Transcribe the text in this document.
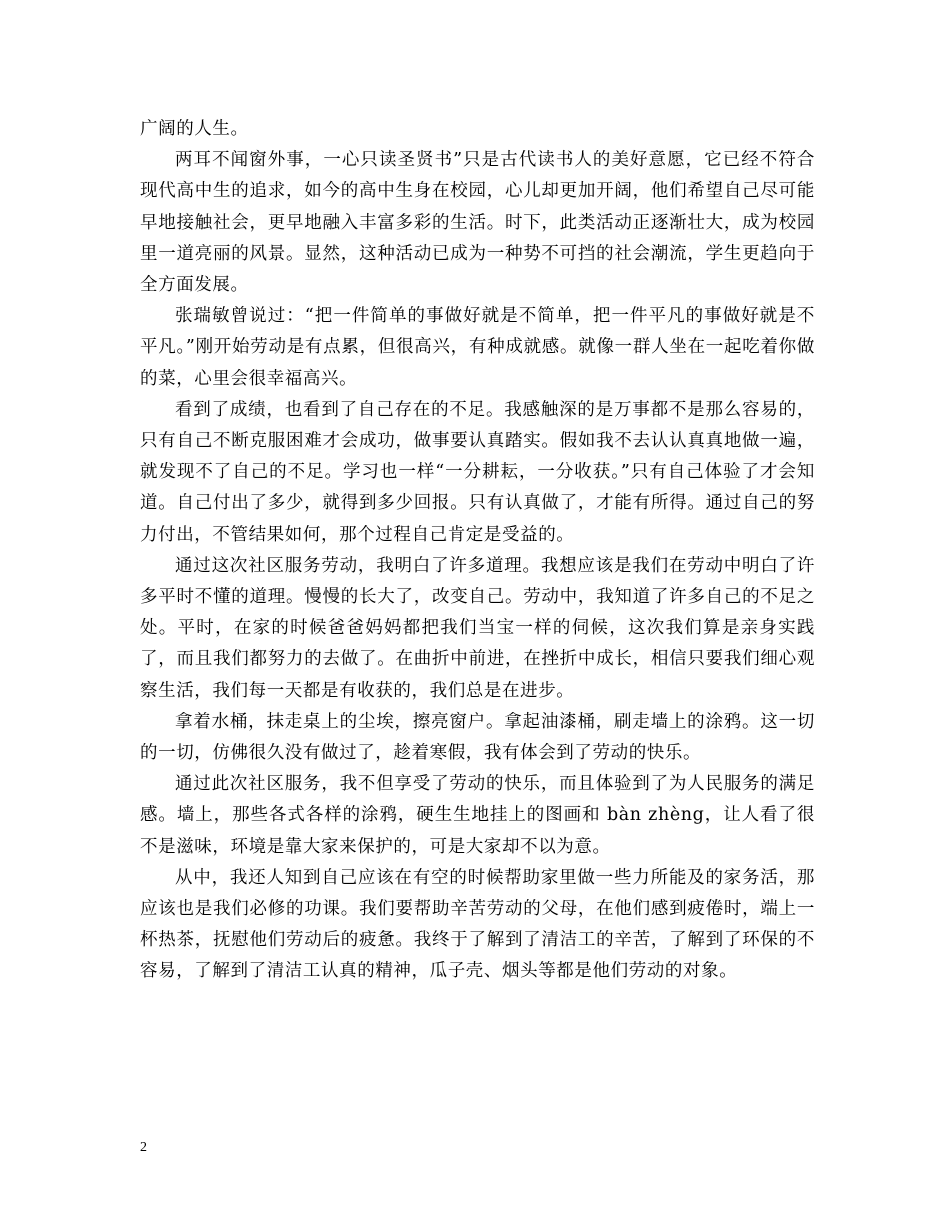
广阔的人生。

两耳不闻窗外事，一心只读圣贤书”只是古代读书人的美好意愿，它已经不符合现代高中生的追求，如今的高中生身在校园，心儿却更加开阔，他们希望自己尽可能早地接触社会，更早地融入丰富多彩的生活。时下，此类活动正逐渐壮大，成为校园里一道亮丽的风景。显然，这种活动已成为一种势不可挡的社会潮流，学生更趋向于全方面发展。

张瑞敏曾说过：“把一件简单的事做好就是不简单，把一件平凡的事做好就是不平凡。”刚开始劳动是有点累，但很高兴，有种成就感。就像一群人坐在一起吃着你做的菜，心里会很幸福高兴。

看到了成绩，也看到了自己存在的不足。我感触深的是万事都不是那么容易的，只有自己不断克服困难才会成功，做事要认真踏实。假如我不去认认真真地做一遍，就发现不了自己的不足。学习也一样“一分耕耘，一分收获。”只有自己体验了才会知道。自己付出了多少，就得到多少回报。只有认真做了，才能有所得。通过自己的努力付出，不管结果如何，那个过程自己肯定是受益的。

通过这次社区服务劳动，我明白了许多道理。我想应该是我们在劳动中明白了许多平时不懂的道理。慢慢的长大了，改变自己。劳动中，我知道了许多自己的不足之处。平时，在家的时候爸爸妈妈都把我们当宝一样的伺候，这次我们算是亲身实践了，而且我们都努力的去做了。在曲折中前进，在挫折中成长，相信只要我们细心观察生活，我们每一天都是有收获的，我们总是在进步。

拿着水桶，抹走桌上的尘埃，擦亮窗户。拿起油漆桶，刷走墙上的涂鸦。这一切的一切，仿佛很久没有做过了，趁着寒假，我有体会到了劳动的快乐。

通过此次社区服务，我不但享受了劳动的快乐，而且体验到了为人民服务的满足感。墙上，那些各式各样的涂鸦，硬生生地挂上的图画和 bàn zhèng，让人看了很不是滋味，环境是靠大家来保护的，可是大家却不以为意。

从中，我还人知到自己应该在有空的时候帮助家里做一些力所能及的家务活，那应该也是我们必修的功课。我们要帮助辛苦劳动的父母，在他们感到疲倦时，端上一杯热茶，抚慰他们劳动后的疲惫。我终于了解到了清洁工的辛苦，了解到了环保的不容易，了解到了清洁工认真的精神，瓜子壳、烟头等都是他们劳动的对象。

2
